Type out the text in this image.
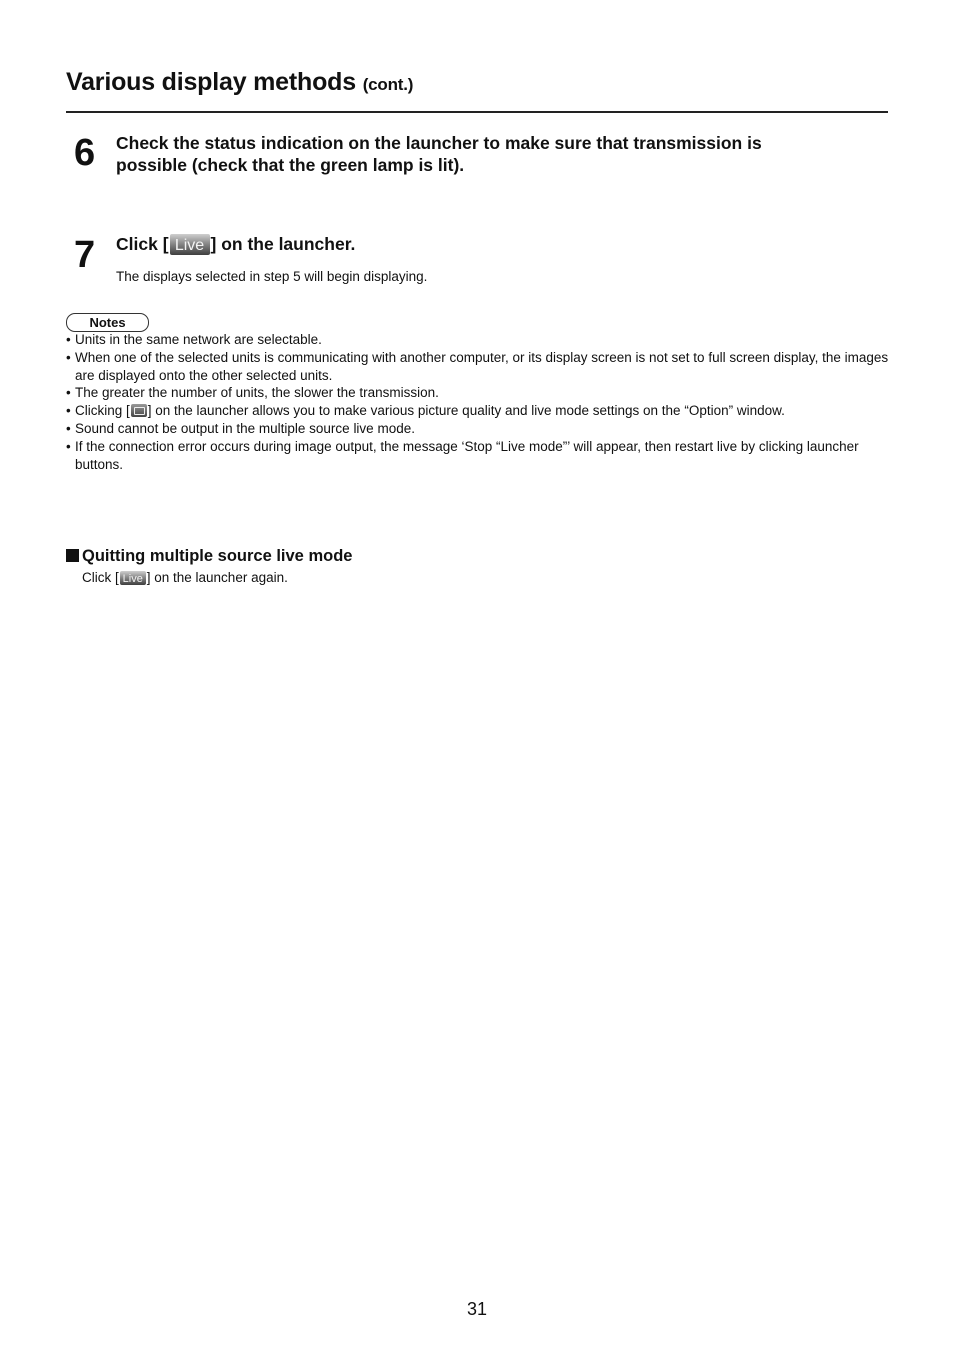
Various display methods (cont.)
6 Check the status indication on the launcher to make sure that transmission is
possible (check that the green lamp is lit).
7 Click [ Live ] on the launcher.
The displays selected in step 5 will begin displaying.
Notes
• Units in the same network are selectable.
• When one of the selected units is communicating with another computer, or its display screen is not set to full screen display, the images are displayed onto the other selected units.
• The greater the number of units, the slower the transmission.
• Clicking [ ] on the launcher allows you to make various picture quality and live mode settings on the “Option” window.
• Sound cannot be output in the multiple source live mode.
• If the connection error occurs during image output, the message ‘Stop “Live mode”’ will appear, then restart live by clicking launcher buttons.
Quitting multiple source live mode
Click [ Live ] on the launcher again.
31
